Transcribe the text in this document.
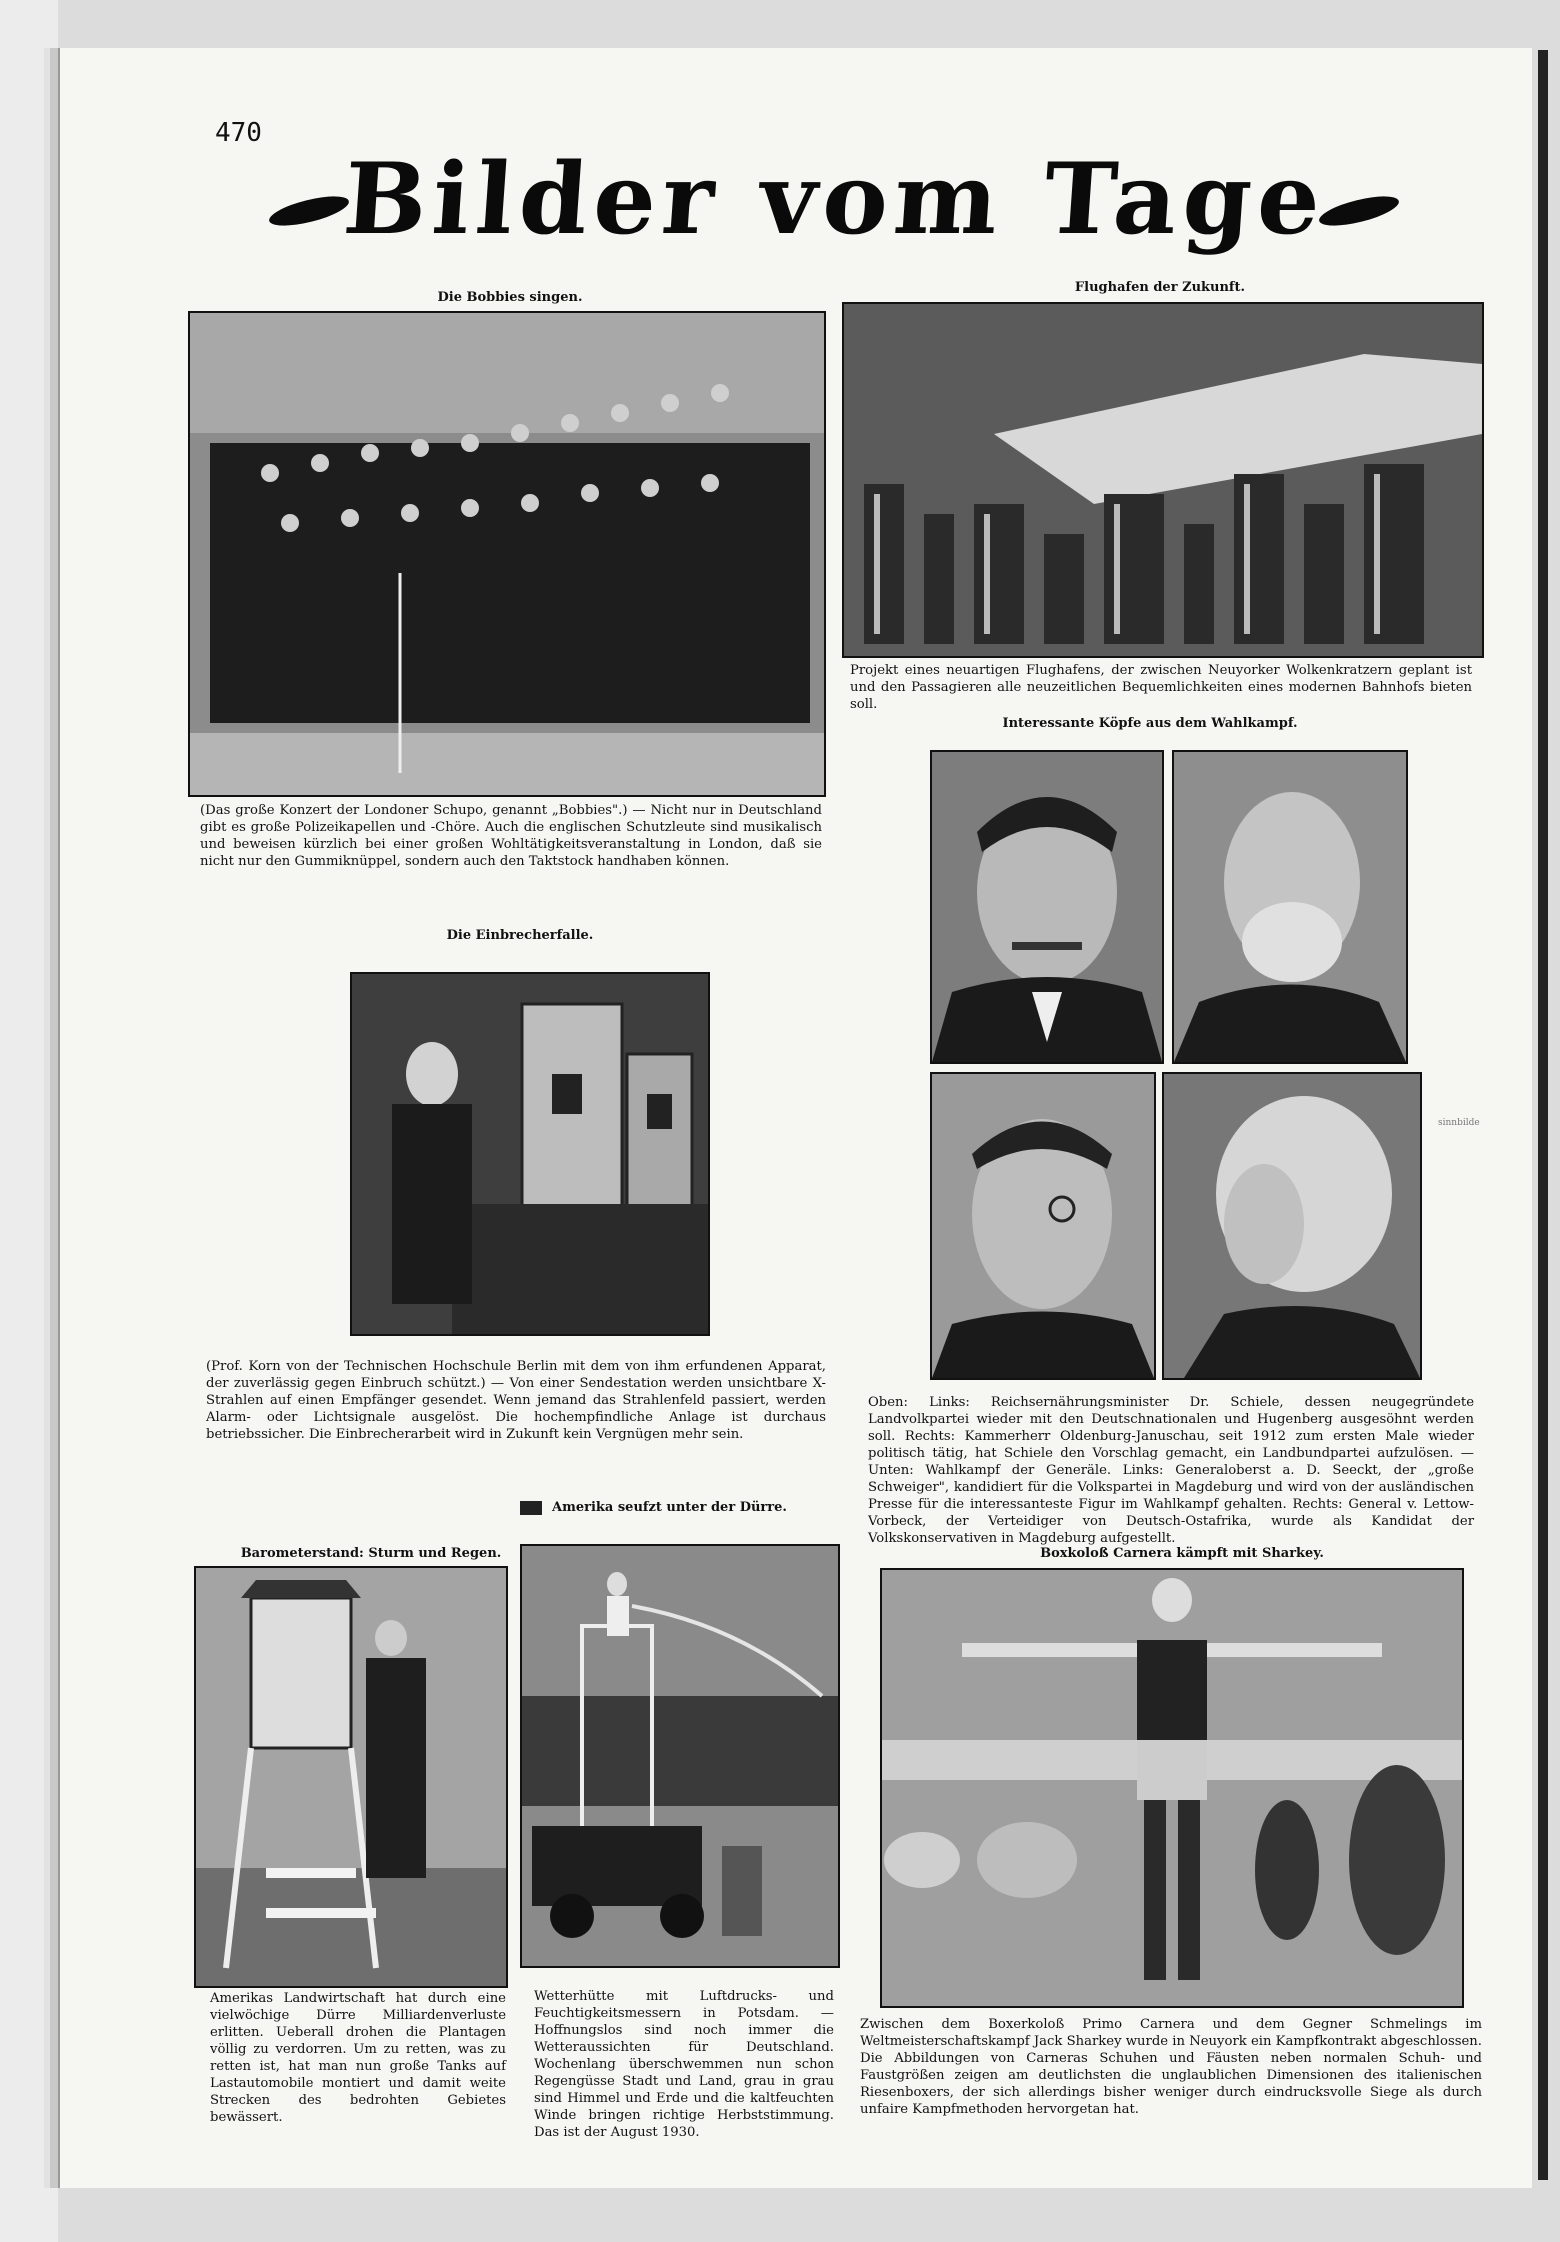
470
Bilder vom Tage
Die Bobbies singen.
(Das große Konzert der Londoner Schupo, genannt „Bobbies".) — Nicht nur in Deutschland gibt es große Polizeikapellen und -Chöre. Auch die englischen Schutzleute sind musikalisch und beweisen kürzlich bei einer großen Wohltätigkeitsveranstaltung in London, daß sie nicht nur den Gummiknüppel, sondern auch den Taktstock handhaben können.
Flughafen der Zukunft.
Projekt eines neuartigen Flughafens, der zwischen Neuyorker Wolkenkratzern geplant ist und den Passagieren alle neuzeitlichen Bequemlichkeiten eines modernen Bahnhofs bieten soll.
Interessante Köpfe aus dem Wahlkampf.
Oben: Links: Reichsernährungsminister Dr. Schiele, dessen neugegründete Landvolkpartei wieder mit den Deutschnationalen und Hugenberg ausgesöhnt werden soll. Rechts: Kammerherr Oldenburg-Januschau, seit 1912 zum ersten Male wieder politisch tätig, hat Schiele den Vorschlag gemacht, ein Landbundpartei aufzulösen. — Unten: Wahlkampf der Generäle. Links: Generaloberst a. D. Seeckt, der „große Schweiger", kandidiert für die Volkspartei in Magdeburg und wird von der ausländischen Presse für die interessanteste Figur im Wahlkampf gehalten. Rechts: General v. Lettow-Vorbeck, der Verteidiger von Deutsch-Ostafrika, wurde als Kandidat der Volkskonservativen in Magdeburg aufgestellt.
sinnbilde
Die Einbrecherfalle.
(Prof. Korn von der Technischen Hochschule Berlin mit dem von ihm erfundenen Apparat, der zuverlässig gegen Einbruch schützt.) — Von einer Sendestation werden unsichtbare X-Strahlen auf einen Empfänger gesendet. Wenn jemand das Strahlenfeld passiert, werden Alarm- oder Lichtsignale ausgelöst. Die hochempfindliche Anlage ist durchaus betriebssicher. Die Einbrecherarbeit wird in Zukunft kein Vergnügen mehr sein.
Amerika seufzt unter der Dürre.
Barometerstand: Sturm und Regen.
Amerikas Landwirtschaft hat durch eine vielwöchige Dürre Milliardenverluste erlitten. Ueberall drohen die Plantagen völlig zu verdorren. Um zu retten, was zu retten ist, hat man nun große Tanks auf Lastautomobile montiert und damit weite Strecken des bedrohten Gebietes bewässert.
Wetterhütte mit Luftdrucks- und Feuchtigkeitsmessern in Potsdam. — Hoffnungslos sind noch immer die Wetteraussichten für Deutschland. Wochenlang überschwemmen nun schon Regengüsse Stadt und Land, grau in grau sind Himmel und Erde und die kaltfeuchten Winde bringen richtige Herbststimmung. Das ist der August 1930.
Boxkoloß Carnera kämpft mit Sharkey.
Zwischen dem Boxerkoloß Primo Carnera und dem Gegner Schmelings im Weltmeisterschaftskampf Jack Sharkey wurde in Neuyork ein Kampfkontrakt abgeschlossen. Die Abbildungen von Carneras Schuhen und Fäusten neben normalen Schuh- und Faustgrößen zeigen am deutlichsten die unglaublichen Dimensionen des italienischen Riesenboxers, der sich allerdings bisher weniger durch eindrucksvolle Siege als durch unfaire Kampfmethoden hervorgetan hat.
